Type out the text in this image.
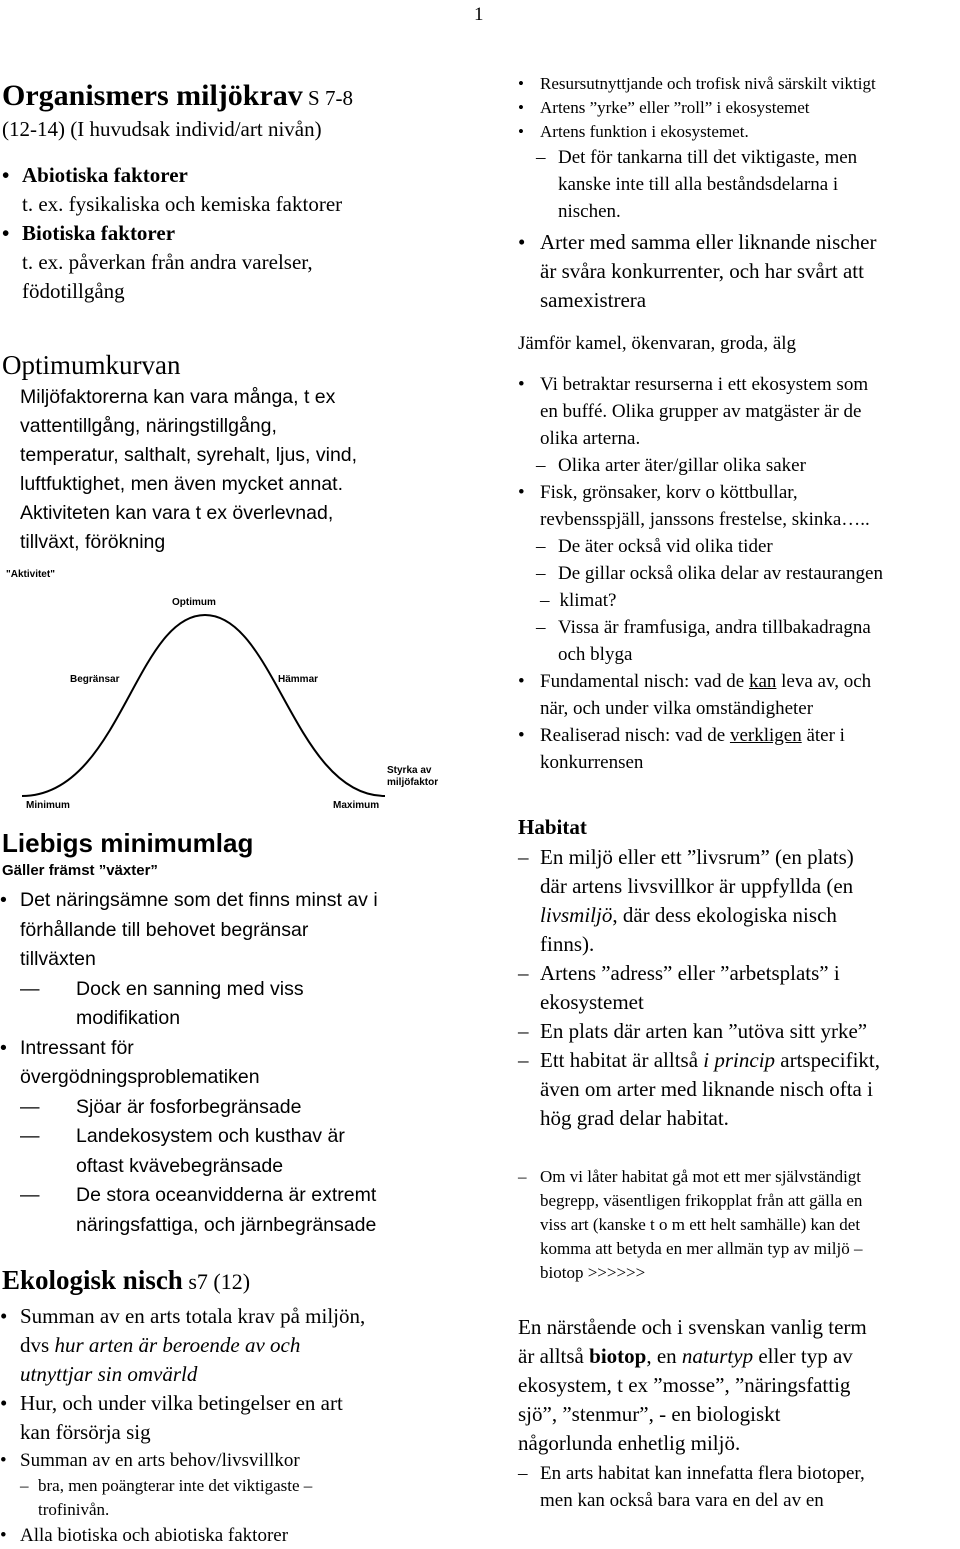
1
Organismers miljökrav S 7-8
(12-14) (I huvudsak individ/art nivån)
• Abiotiska faktorer
t. ex. fysikaliska och kemiska faktorer
• Biotiska faktorer
t. ex. påverkan från andra varelser,
födotillgång
Optimumkurvan
Miljöfaktorerna kan vara många, t ex
vattentillgång, näringstillgång,
temperatur, salthalt, syrehalt, ljus, vind,
luftfuktighet, men även mycket annat.
Aktiviteten kan vara t ex överlevnad,
tillväxt, förökning
"Aktivitet"
Optimum
Begränsar	Hämmar
Styrka av
miljöfaktor
Minimum	Maximum
Liebigs minimumlag
Gäller främst ”växter”
• Det näringsämne som det finns minst av i
förhållande till behovet begränsar
tillväxten
— Dock en sanning med viss
modifikation
• Intressant för
övergödningsproblematiken
— Sjöar är fosforbegränsade
— Landekosystem och kusthav är
oftast kvävebegränsade
— De stora oceanvidderna är extremt
näringsfattiga, och järnbegränsade
Ekologisk nisch s7 (12)
• Summan av en arts totala krav på miljön,
dvs hur arten är beroende av och
utnyttjar sin omvärld
• Hur, och under vilka betingelser en art
kan försörja sig
• Summan av en arts behov/livsvillkor
– bra, men poängterar inte det viktigaste –
trofinivån.
• Alla biotiska och abiotiska faktorer
• Resursutnyttjande och trofisk nivå särskilt viktigt
• Artens ”yrke” eller ”roll” i ekosystemet
• Artens funktion i ekosystemet.
– Det för tankarna till det viktigaste, men
kanske inte till alla beståndsdelarna i
nischen.
• Arter med samma eller liknande nischer
är svåra konkurrenter, och har svårt att
samexistrera
Jämför kamel, ökenvaran, groda, älg
• Vi betraktar resurserna i ett ekosystem som
en buffé. Olika grupper av matgäster är de
olika arterna.
– Olika arter äter/gillar olika saker
• Fisk, grönsaker, korv o köttbullar,
revbensspjäll, janssons frestelse, skinka…..
– De äter också vid olika tider
– De gillar också olika delar av restaurangen
– klimat?
– Vissa är framfusiga, andra tillbakadragna
och blyga
• Fundamental nisch: vad de kan leva av, och
när, och under vilka omständigheter
• Realiserad nisch: vad de verkligen äter i
konkurrensen
Habitat
– En miljö eller ett ”livsrum” (en plats)
där artens livsvillkor är uppfyllda (en
livsmiljö, där dess ekologiska nisch
finns).
– Artens ”adress” eller ”arbetsplats” i
ekosystemet
– En plats där arten kan ”utöva sitt yrke”
– Ett habitat är alltså i princip artspecifikt,
även om arter med liknande nisch ofta i
hög grad delar habitat.
– Om vi låter habitat gå mot ett mer självständigt
begrepp, väsentligen frikopplat från att gälla en
viss art (kanske t o m ett helt samhälle) kan det
komma att betyda en mer allmän typ av miljö –
biotop >>>>>>
En närstående och i svenskan vanlig term
är alltså biotop, en naturtyp eller typ av
ekosystem, t ex ”mosse”, ”näringsfattig
sjö”, ”stenmur”, - en biologiskt
någorlunda enhetlig miljö.
– En arts habitat kan innefatta flera biotoper,
men kan också bara vara en del av en
